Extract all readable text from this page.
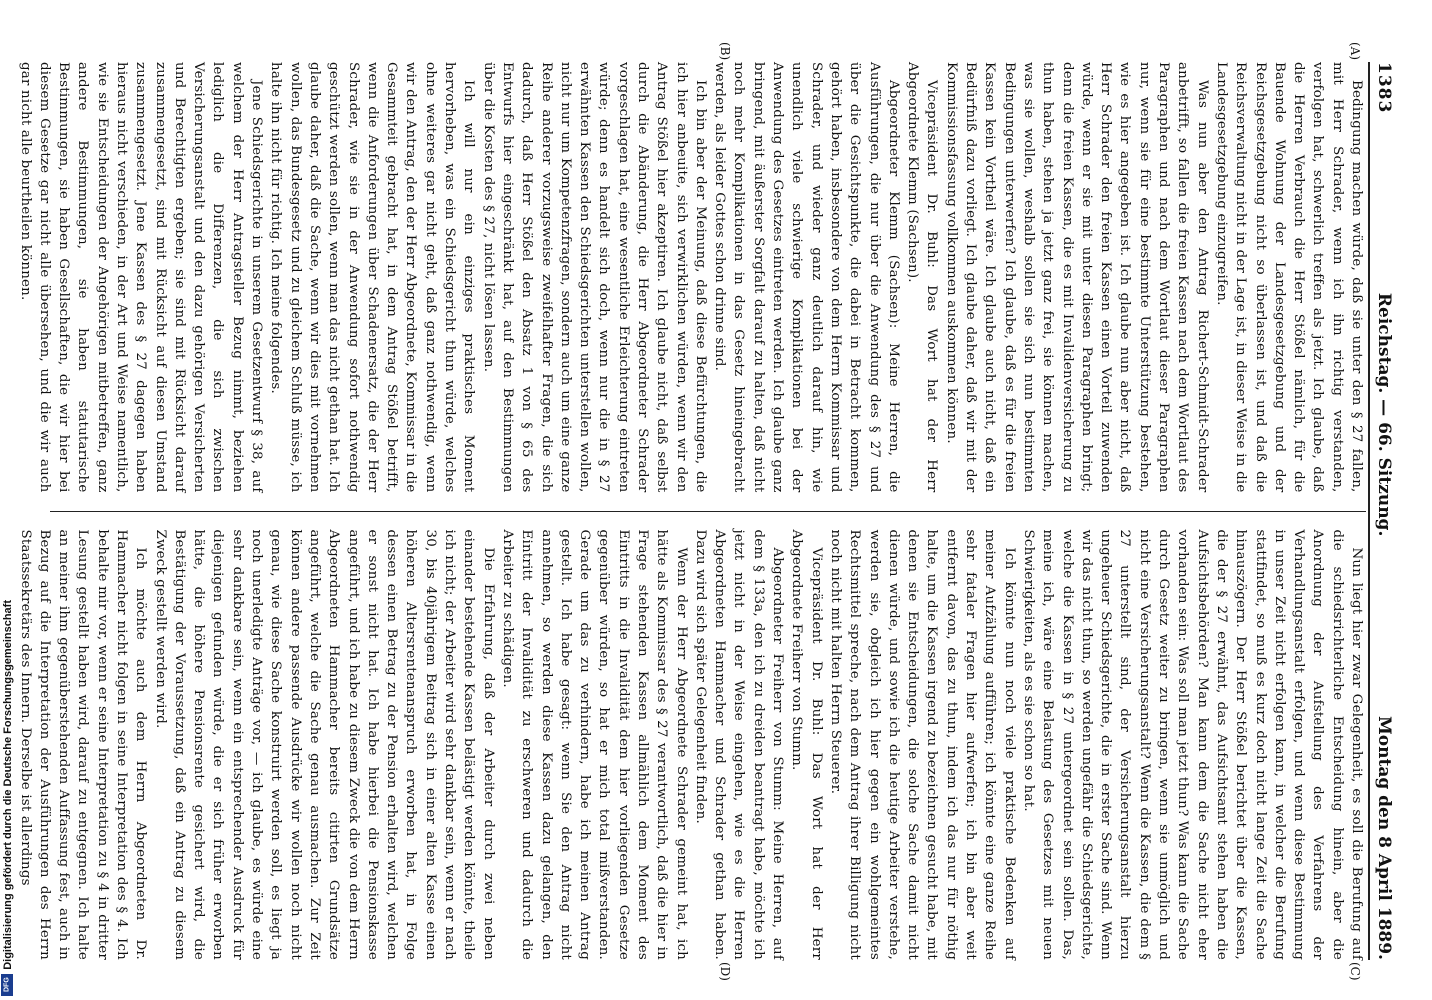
1383
Reichstag. — 66. Sitzung.
Montag den 8 April 1889.
(A)
(B)
(C)
(D)

Bedingung machen würde, daß sie unter den § 27 fallen, mit Herr Schrader, wenn ich ihn richtig verstanden, verfolgen hat, schwerlich treffen als jetzt. Ich glaube, daß die Herren Verbrauch die Herr Stößel nämlich, für die Bauende Wohnung der Landesgesetzgebung und der Reichsgesetzgebung nicht so überlassen ist, und daß die Reichsverwaltung nicht in der Lage ist, in dieser Weise in die Landesgesetzgebung einzugreifen.

Was nun aber den Antrag Richert-Schmidt-Schrader anbetrifft, so fallen die freien Kassen nach dem Wortlaut des Paragraphen und nach dem Wortlaut dieser Paragraphen nur, wenn sie für eine bestimmte Unterstützung bestehen, wie es hier angegeben ist. Ich glaube nun aber nicht, daß Herr Schrader den freien Kassen einen Vorteil zuwenden würde, wenn er sie mit unter diesen Paragraphen bringt; denn die freien Kassen, die es mit Invalidenversicherung zu thun haben, stehen ja jetzt ganz frei, sie können machen, was sie wollen, weshalb sollen sie sich nun bestimmten Bedingungen unterwerfen? Ich glaube, daß es für die freien Kassen kein Vortheil wäre. Ich glaube auch nicht, daß ein Bedürfniß dazu vorliegt. Ich glaube daher, daß wir mit der Kommissionsfassung vollkommen auskommen können.

Vicepräsident Dr. Buhl: Das Wort hat der Herr Abgeordnete Klemm (Sachsen).

Abgeordneter Klemm (Sachsen): Meine Herren, die Ausführungen, die nur über die Anwendung des § 27 und über die Gesichtspunkte, die dabei in Betracht kommen, gehört haben, insbesondere von dem Herrn Kommissar und Schrader, und wieder ganz deutlich darauf hin, wie unendlich viele schwierige Komplikationen bei der Anwendung des Gesetzes eintreten werden. Ich glaube ganz bringend, mit äußerster Sorgfalt darauf zu halten, daß nicht noch mehr Komplikationen in das Gesetz hineingebracht werden, als leider Gottes schon drinne sind.

Ich bin aber der Meinung, daß diese Befürchtungen, die ich hier anbeuite, sich verwirklichen würden, wenn wir den Antrag Stößel hier akzeptiren. Ich glaube nicht, daß selbst durch die Abänderung, die Herr Abgeordneter Schrader vorgeschlagen hat, eine wesentliche Erleichterung eintreten würde; denn es handelt sich doch, wenn nur die in § 27 erwähnten Kassen den Schiedsgerichten unterstellen wollen, nicht nur um Kompetenzfragen, sondern auch um eine ganze Reihe anderer vorzugsweise zweifelhafter Fragen, die sich dadurch, daß Herr Stößel den Absatz 1 von § 65 des Entwurfs hier eingeschränkt hat, auf den Bestimmungen über die Kosten des § 27, nicht lösen lassen.

Ich will nur ein einziges praktisches Moment hervorheben, was ein Schiedsgericht thun würde, welches ohne weiteres gar nicht geht, daß ganz nothwendig, wenn wir den Antrag, den der Herr Abgeordnete, Kommissar in die Gesammteit gebracht hat, in dem Antrag Stößel betrifft, wenn die Anforderungen über Schadenersatz, die der Herr Schrader, wie sie in der Anwendung sofort nothwendig geschützt werden sollen, wenn man das nicht gethan hat. Ich glaube daher, daß die Sache, wenn wir dies mit vornehmen wollen, das Bundesgesetz und zu gleichem Schluß müsse, ich halte ihn nicht für richtig. Ich meine folgendes.

Jene Schiedsgerichte in unserem Gesetzentwurf § 38, auf welchem der Herr Antragsteller Bezug nimmt, beziehen lediglich die Differenzen, die sich zwischen Versicherungsanstalt und den dazu gehörigen Versicherten und Berechtigten ergeben; sie sind mit Rücksicht darauf zusammengesetzt, sind mit Rücksicht auf diesen Umstand zusammengesetzt. Jene Kassen des § 27 dagegen haben hieraus nicht verschieden, in der Art und Weise namentlich, wie sie Entscheidungen der Angehörigen mitbetreffen, ganz andere Bestimmungen, sie haben statutarische Bestimmungen, sie haben Gesellschaften, die wir hier bei diesem Gesetze gar nicht alle übersehen, und die wir auch gar nicht alle beurtheilen können.

Nun liegt hier zwar Gelegenheit, es soll die Berufung auf die schiedsrichterliche Entscheidung hinein, aber die Anordnung der Aufstellung des Verfahrens der Verhandlungsanstalt erfolgen, und wenn diese Bestimmung in unser Zeit nicht erfolgen kann, in welcher die Berufung stattfindet, so muß es kurz doch nicht lange Zeit die Sache hinauszögern. Der Herr Stößel berichtet über die Kassen, die der § 27 erwähnt, das Aufsichtsamt stehen haben die Aufsichtsbehörden? Man kann dem die Sache nicht eher vorhanden sein: Was soll man jetzt thun? Was kann die Sache durch Gesetz weiter zu bringen, wenn sie unmöglich und nicht eine Versicherungsanstalt? Wenn die Kassen, die dem § 27 unterstellt sind, der Versicherungsanstalt hierzu ungeheuer Schiedsgerichte, die in erster Sache sind. Wenn wir das nicht thun, so werden ungefähr die Schiedsgerichte, welche die Kassen in § 27 untergeordnet sein sollen. Das, meine ich, wäre eine Belastung des Gesetzes mit neuen Schwierigkeiten, als es sie schon so hat.

Ich könnte nun noch viele praktische Bedenken auf meiner Aufzählung aufführen; ich könnte eine ganze Reihe sehr fataler Fragen hier aufwerfen; ich bin aber weit entfernt davon, das zu thun, indem ich das nur für nöthig halte, um die Kassen irgend zu bezeichnen gesucht habe, mit denen sie Entscheidungen, die solche Sache damit nicht dienen würde, und sowie ich die heutige Arbeiter verstehe, werden sie, obgleich ich hier gegen ein wohlgemeintes Rechtsmittel spreche, nach dem Antrag ihrer Billigung nicht noch nicht mit halten Herrn Steuerer.

Vicepräsident Dr. Buhl: Das Wort hat der Herr Abgeordnete Freiherr von Stumm.

Abgeordneter Freiherr von Stumm: Meine Herren, auf dem § 133a, den ich zu dreiden beantragt habe, möchte ich jetzt nicht in der Weise eingehen, wie es die Herren Abgeordneten Hammacher und Schrader gethan haben. Dazu wird sich später Gelegenheit finden.

Wenn der Herr Abgeordnete Schrader gemeint hat, ich hätte als Kommissar des § 27 verantwortlich, daß die hier in Frage stehenden Kassen allmählich dem Moment des Eintritts in die Invalidität dem hier vorliegenden Gesetze gegenüber würden, so hat er mich total mißverstanden. Gerade um das zu verhindern, habe ich meinen Antrag gestellt. Ich habe gesagt: wenn Sie den Antrag nicht annehmen, so werden diese Kassen dazu gelangen, den Eintritt der Invalidität zu erschweren und dadurch die Arbeiter zu schädigen.

Die Erfahrung, daß der Arbeiter durch zwei neben einander bestehende Kassen belästigt werden könnte, theile ich nicht; der Arbeiter wird sehr dankbar sein, wenn er nach 30, bis 40jährigem Beitrag sich in einer alten Kasse einen höheren Altersrentenanspruch erworben hat, in Folge dessen einen Betrag zu der Pension erhalten wird, welchen er sonst nicht hat. Ich habe hierbei die Pensionskasse angeführt, und ich habe zu diesem Zweck die von dem Herrn Abgeordneten Hammacher bereits citirten Grundsätze angeführt, welche die Sache genau ausmachen. Zur Zeit können andere passende Ausdrücke wir wollen noch nicht genau, wie diese Sache konstruirt werden soll, es liegt ja noch unerledigte Anträge vor, — ich glaube, es würde eine sehr dankbare sein, wenn ein entsprechender Ausdruck für diejenigen gefunden würde, die er sich früher erworben hätte, die höhere Pensionsrente gesichert wird, die Bestätigung der Voraussetzung, daß ein Antrag zu diesem Zweck gestellt werden wird.

Ich möchte auch dem Herrn Abgeordneten Dr. Hammacher nicht folgen in seine Interpretation des § 4. Ich behalte mir vor, wenn er seine Interpretation zu § 4 in dritter Lesung gestellt haben wird, darauf zu entgegnen. Ich halte an meiner ihm gegenüberstehenden Auffassung fest, auch in Bezug auf die Interpretation der Ausführungen des Herrn Staatssekretärs des Innern. Derselbe ist allerdings

Digitalisierung gefördert durch die Deutsche Forschungsgemeinschaft
DFG
